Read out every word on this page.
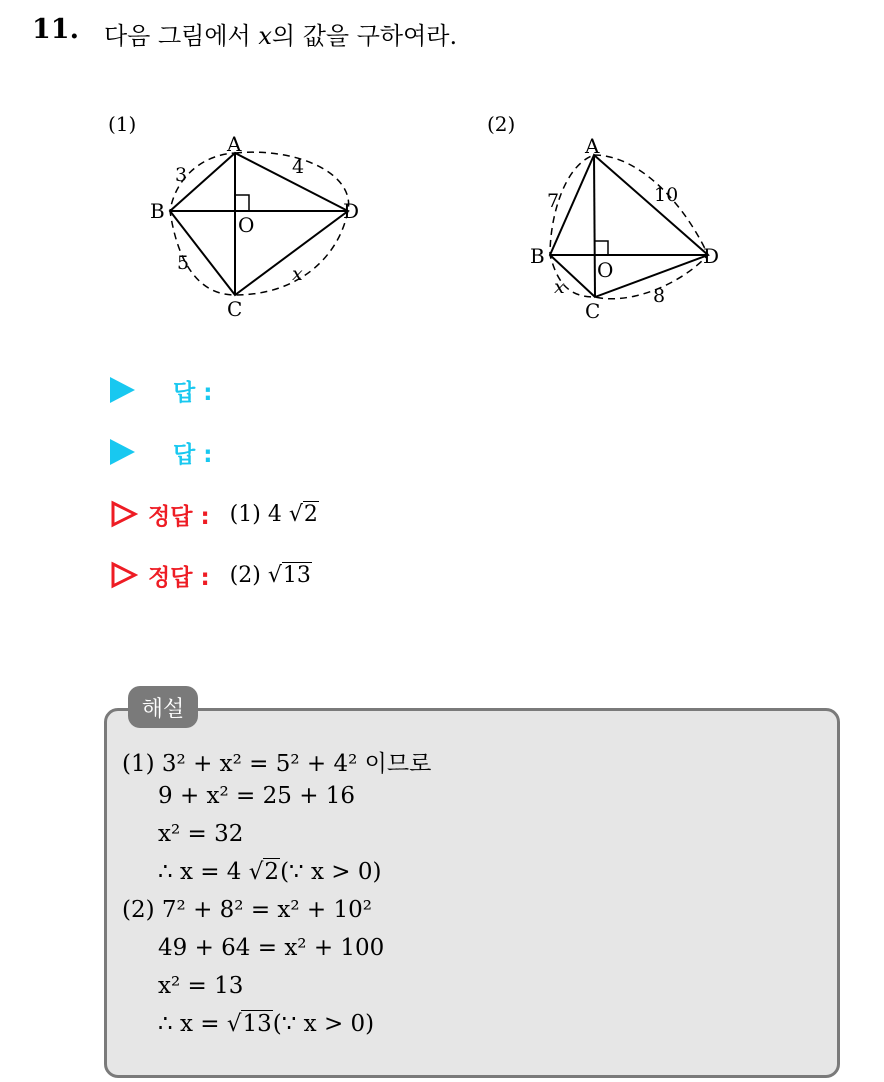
11. 다음 그림에서 x의 값을 구하여라.
(1)
A
B
C
D
O
3	4
5	x
(2)
A
B
C
D
O
7	10
x	8
답 :
답 :
정답 : (1) 4 √2
정답 : (2) √13
해설
(1) 3² + x² = 5² + 4² 이므로
9 + x² = 25 + 16
x² = 32
∴ x = 4 √2(∵ x > 0)
(2) 7² + 8² = x² + 10²
49 + 64 = x² + 100
x² = 13
∴ x = √13(∵ x > 0)
